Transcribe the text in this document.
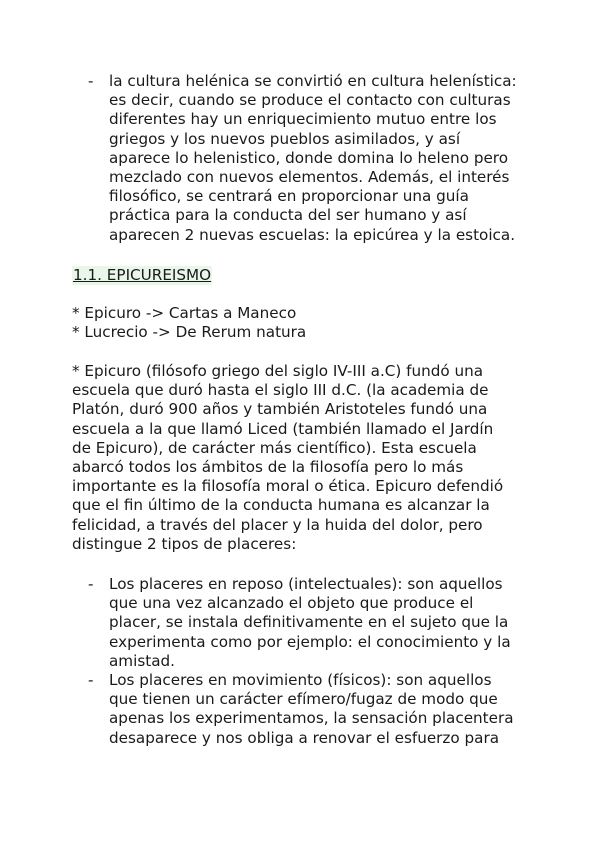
- la cultura helénica se convirtió en cultura helenística:
es decir, cuando se produce el contacto con culturas
diferentes hay un enriquecimiento mutuo entre los
griegos y los nuevos pueblos asimilados, y así
aparece lo helenistico, donde domina lo heleno pero
mezclado con nuevos elementos. Además, el interés
filosófico, se centrará en proporcionar una guía
práctica para la conducta del ser humano y así
aparecen 2 nuevas escuelas: la epicúrea y la estoica.
1.1. EPICUREISMO
* Epicuro -> Cartas a Maneco
* Lucrecio -> De Rerum natura
* Epicuro (filósofo griego del siglo IV-III a.C) fundó una
escuela que duró hasta el siglo III d.C. (la academia de
Platón, duró 900 años y también Aristoteles fundó una
escuela a la que llamó Liced (también llamado el Jardín
de Epicuro), de carácter más científico). Esta escuela
abarcó todos los ámbitos de la filosofía pero lo más
importante es la filosofía moral o ética. Epicuro defendió
que el fin último de la conducta humana es alcanzar la
felicidad, a través del placer y la huida del dolor, pero
distingue 2 tipos de placeres:
- Los placeres en reposo (intelectuales): son aquellos
que una vez alcanzado el objeto que produce el
placer, se instala definitivamente en el sujeto que la
experimenta como por ejemplo: el conocimiento y la
amistad.
- Los placeres en movimiento (físicos): son aquellos
que tienen un carácter efímero/fugaz de modo que
apenas los experimentamos, la sensación placentera
desaparece y nos obliga a renovar el esfuerzo para
